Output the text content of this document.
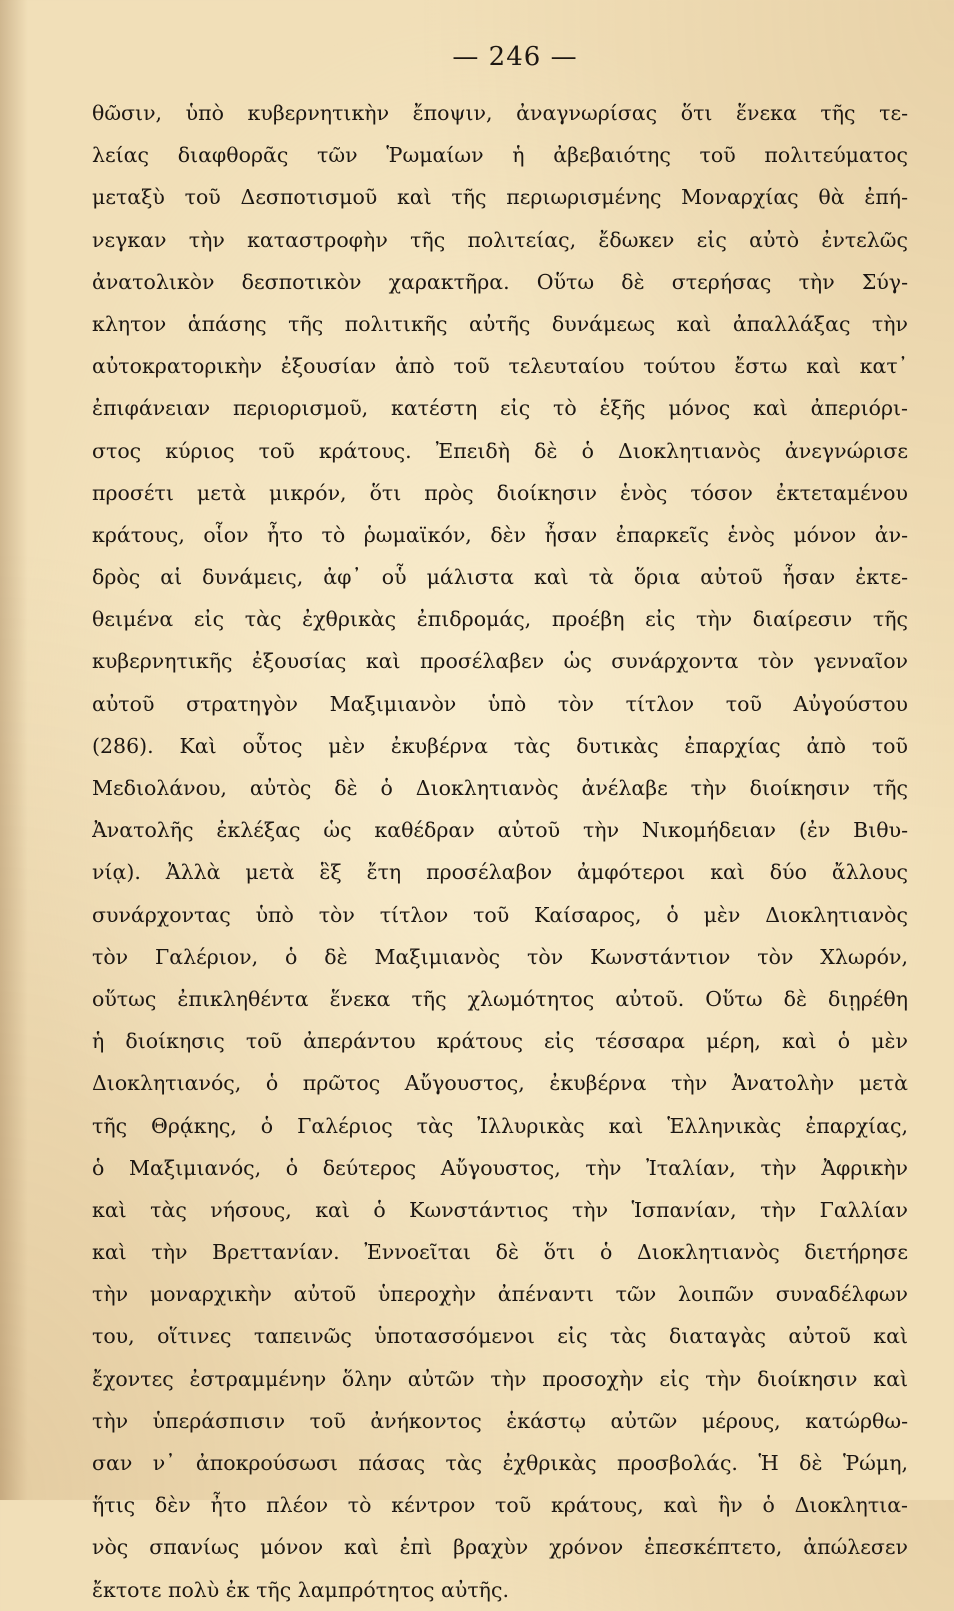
— 246 —
θῶσιν, ὑπὸ κυβερνητικὴν ἔποψιν, ἀναγνωρίσας ὅτι ἕνεκα τῆς τε-
λείας διαφθορᾶς τῶν Ῥωμαίων ἡ ἀβεβαιότης τοῦ πολιτεύματος
μεταξὺ τοῦ Δεσποτισμοῦ καὶ τῆς περιωρισμένης Μοναρχίας θὰ ἐπή-
νεγκαν τὴν καταστροφὴν τῆς πολιτείας, ἔδωκεν εἰς αὐτὸ ἐντελῶς
ἀνατολικὸν δεσποτικὸν χαρακτῆρα. Οὕτω δὲ στερήσας τὴν Σύγ-
κλητον ἁπάσης τῆς πολιτικῆς αὐτῆς δυνάμεως καὶ ἀπαλλάξας τὴν
αὐτοκρατορικὴν ἐξουσίαν ἀπὸ τοῦ τελευταίου τούτου ἔστω καὶ κατ᾿
ἐπιφάνειαν περιορισμοῦ, κατέστη εἰς τὸ ἑξῆς μόνος καὶ ἀπεριόρι-
στος κύριος τοῦ κράτους. Ἐπειδὴ δὲ ὁ Διοκλητιανὸς ἀνεγνώρισε
προσέτι μετὰ μικρόν, ὅτι πρὸς διοίκησιν ἑνὸς τόσον ἐκτεταμένου
κράτους, οἷον ἦτο τὸ ῥωμαϊκόν, δὲν ἦσαν ἐπαρκεῖς ἑνὸς μόνον ἀν-
δρὸς αἱ δυνάμεις, ἀφ᾿ οὗ μάλιστα καὶ τὰ ὅρια αὐτοῦ ἦσαν ἐκτε-
θειμένα εἰς τὰς ἐχθρικὰς ἐπιδρομάς, προέβη εἰς τὴν διαίρεσιν τῆς
κυβερνητικῆς ἐξουσίας καὶ προσέλαβεν ὡς συνάρχοντα τὸν γενναῖον
αὐτοῦ στρατηγὸν Μαξιμιανὸν ὑπὸ τὸν τίτλον τοῦ Αὐγούστου
(286). Καὶ οὗτος μὲν ἐκυβέρνα τὰς δυτικὰς ἐπαρχίας ἀπὸ τοῦ
Μεδιολάνου, αὐτὸς δὲ ὁ Διοκλητιανὸς ἀνέλαβε τὴν διοίκησιν τῆς
Ἀνατολῆς ἐκλέξας ὡς καθέδραν αὐτοῦ τὴν Νικομήδειαν (ἐν Βιθυ-
νίᾳ). Ἀλλὰ μετὰ ἓξ ἔτη προσέλαβον ἀμφότεροι καὶ δύο ἄλλους
συνάρχοντας ὑπὸ τὸν τίτλον τοῦ Καίσαρος, ὁ μὲν Διοκλητιανὸς
τὸν Γαλέριον, ὁ δὲ Μαξιμιανὸς τὸν Κωνστάντιον τὸν Χλωρόν,
οὕτως ἐπικληθέντα ἕνεκα τῆς χλωμότητος αὐτοῦ. Οὕτω δὲ διῃρέθη
ἡ διοίκησις τοῦ ἀπεράντου κράτους εἰς τέσσαρα μέρη, καὶ ὁ μὲν
Διοκλητιανός, ὁ πρῶτος Αὔγουστος, ἐκυβέρνα τὴν Ἀνατολὴν μετὰ
τῆς Θρᾴκης, ὁ Γαλέριος τὰς Ἰλλυρικὰς καὶ Ἑλληνικὰς ἐπαρχίας,
ὁ Μαξιμιανός, ὁ δεύτερος Αὔγουστος, τὴν Ἰταλίαν, τὴν Ἀφρικὴν
καὶ τὰς νήσους, καὶ ὁ Κωνστάντιος τὴν Ἱσπανίαν, τὴν Γαλλίαν
καὶ τὴν Βρεττανίαν. Ἐννοεῖται δὲ ὅτι ὁ Διοκλητιανὸς διετήρησε
τὴν μοναρχικὴν αὐτοῦ ὑπεροχὴν ἀπέναντι τῶν λοιπῶν συναδέλφων
του, οἵτινες ταπεινῶς ὑποτασσόμενοι εἰς τὰς διαταγὰς αὐτοῦ καὶ
ἔχοντες ἐστραμμένην ὅλην αὐτῶν τὴν προσοχὴν εἰς τὴν διοίκησιν καὶ
τὴν ὑπεράσπισιν τοῦ ἀνήκοντος ἑκάστῳ αὐτῶν μέρους, κατώρθω-
σαν ν᾿ ἀποκρούσωσι πάσας τὰς ἐχθρικὰς προσβολάς. Ἡ δὲ Ῥώμη,
ἥτις δὲν ἦτο πλέον τὸ κέντρον τοῦ κράτους, καὶ ἣν ὁ Διοκλητια-
νὸς σπανίως μόνον καὶ ἐπὶ βραχὺν χρόνον ἐπεσκέπτετο, ἀπώλεσεν
ἔκτοτε πολὺ ἐκ τῆς λαμπρότητος αὐτῆς.
